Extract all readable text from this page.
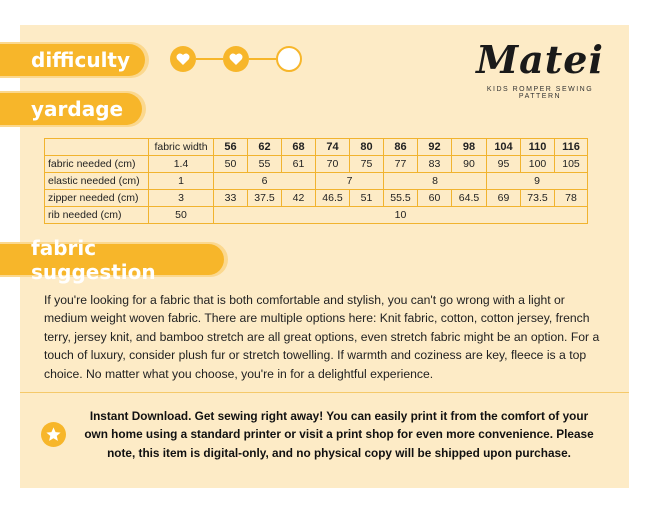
difficulty	Matei
KIDS ROMPER SEWING PATTERN
yardage
	fabric width	56	62	68	74	80	86	92	98	104	110	116
fabric needed (cm)	1.4	50	55	61	70	75	77	83	90	95	100	105
elastic needed (cm)	1	6			7		8			9		
zipper needed (cm)	3	33	37.5	42	46.5	51	55.5	60	64.5	69	73.5	78
rib needed (cm)	50	10										
fabric suggestion
If you're looking for a fabric that is both comfortable and stylish, you can't go wrong with a light or medium weight woven fabric. There are multiple options here: Knit fabric, cotton, cotton jersey, french terry, jersey knit, and bamboo stretch are all great options, even stretch fabric might be an option. For a touch of luxury, consider plush fur or stretch towelling. If warmth and coziness are key, fleece is a top choice. No matter what you choose, you're in for a delightful experience.
Instant Download. Get sewing right away! You can easily print it from the comfort of your own home using a standard printer or visit a print shop for even more convenience. Please note, this item is digital-only, and no physical copy will be shipped upon purchase.
